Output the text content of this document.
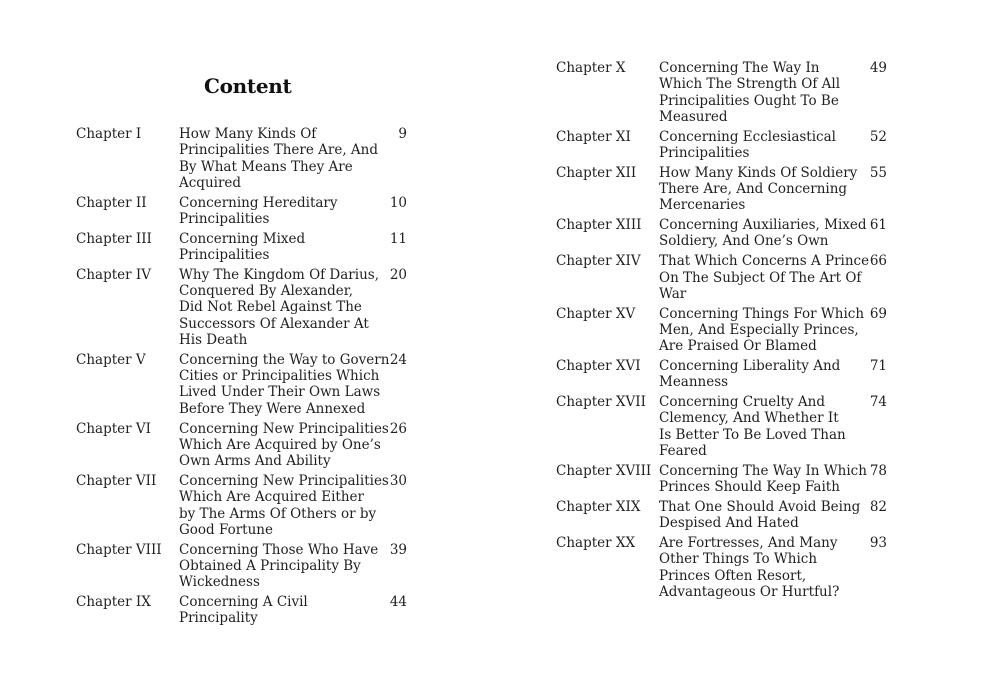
Content
Chapter I	How Many Kinds Of
Principalities There Are, And
By What Means They Are
Acquired
9
Chapter II	Concerning Hereditary
Principalities
10
Chapter III	Concerning Mixed
Principalities
11
Chapter IV	Why The Kingdom Of Darius,
Conquered By Alexander,
Did Not Rebel Against The
Successors Of Alexander At
His Death
20
Chapter V	Concerning the Way to Govern
Cities or Principalities Which
Lived Under Their Own Laws
Before They Were Annexed
24
Chapter VI	Concerning New Principalities
Which Are Acquired by One’s
Own Arms And Ability
26
Chapter VII	Concerning New Principalities
Which Are Acquired Either
by The Arms Of Others or by
Good Fortune
30
Chapter VIII	Concerning Those Who Have
Obtained A Principality By
Wickedness
39
Chapter IX	Concerning A Civil
Principality
44
Chapter X	Concerning The Way In
Which The Strength Of All
Principalities Ought To Be
Measured
49
Chapter XI	Concerning Ecclesiastical
Principalities
52
Chapter XII	How Many Kinds Of Soldiery
There Are, And Concerning
Mercenaries
55
Chapter XIII	Concerning Auxiliaries, Mixed
Soldiery, And One’s Own
61
Chapter XIV	That Which Concerns A Prince
On The Subject Of The Art Of
War
66
Chapter XV	Concerning Things For Which
Men, And Especially Princes,
Are Praised Or Blamed
69
Chapter XVI	Concerning Liberality And
Meanness
71
Chapter XVII Concerning Cruelty And
Clemency, And Whether It
Is Better To Be Loved Than
Feared
74
Chapter XVIII Concerning The Way In Which
Princes Should Keep Faith
78
Chapter XIX	That One Should Avoid Being
Despised And Hated
82
Chapter XX	Are Fortresses, And Many
Other Things To Which
Princes Often Resort,
Advantageous Or Hurtful?
93
